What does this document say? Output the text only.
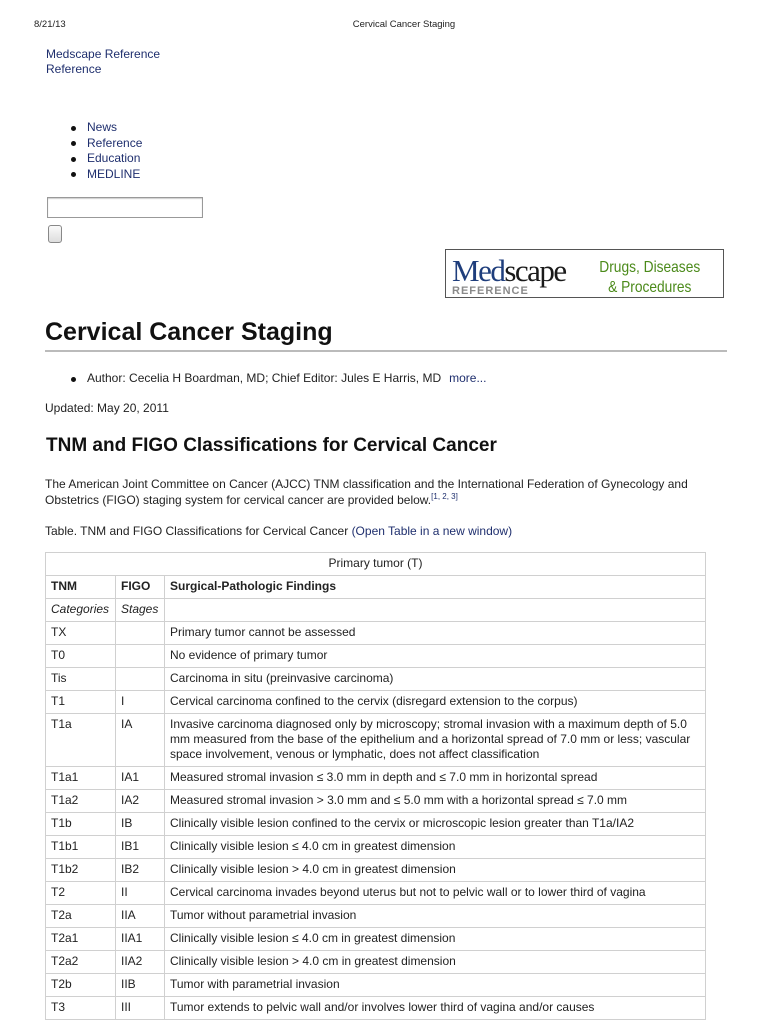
8/21/13	Cervical Cancer Staging
Medscape Reference
Reference
News
Reference
Education
MEDLINE
Medscape
REFERENCE
Drugs, Diseases
& Procedures
Cervical Cancer Staging
Author: Cecelia H Boardman, MD; Chief Editor: Jules E Harris, MD more...
Updated: May 20, 2011
TNM and FIGO Classifications for Cervical Cancer

The American Joint Committee on Cancer (AJCC) TNM classification and the International Federation of Gynecology and Obstetrics (FIGO) staging system for cervical cancer are provided below.[1, 2, 3]

Table. TNM and FIGO Classifications for Cervical Cancer (Open Table in a new window)
Primary tumor (T)		
TNM	FIGO	Surgical-Pathologic Findings
Categories	Stages	
TX		Primary tumor cannot be assessed
T0		No evidence of primary tumor
Tis		Carcinoma in situ (preinvasive carcinoma)
T1	I	Cervical carcinoma confined to the cervix (disregard extension to the corpus)
T1a	IA	Invasive carcinoma diagnosed only by microscopy; stromal invasion with a maximum depth of 5.0 mm measured from the base of the epithelium and a horizontal spread of 7.0 mm or less; vascular space involvement, venous or lymphatic, does not affect classification
T1a1	IA1	Measured stromal invasion ≤ 3.0 mm in depth and ≤ 7.0 mm in horizontal spread
T1a2	IA2	Measured stromal invasion > 3.0 mm and ≤ 5.0 mm with a horizontal spread ≤ 7.0 mm
T1b	IB	Clinically visible lesion confined to the cervix or microscopic lesion greater than T1a/IA2
T1b1	IB1	Clinically visible lesion ≤ 4.0 cm in greatest dimension
T1b2	IB2	Clinically visible lesion > 4.0 cm in greatest dimension
T2	II	Cervical carcinoma invades beyond uterus but not to pelvic wall or to lower third of vagina
T2a	IIA	Tumor without parametrial invasion
T2a1	IIA1	Clinically visible lesion ≤ 4.0 cm in greatest dimension
T2a2	IIA2	Clinically visible lesion > 4.0 cm in greatest dimension
T2b	IIB	Tumor with parametrial invasion
T3	III	Tumor extends to pelvic wall and/or involves lower third of vagina and/or causes
